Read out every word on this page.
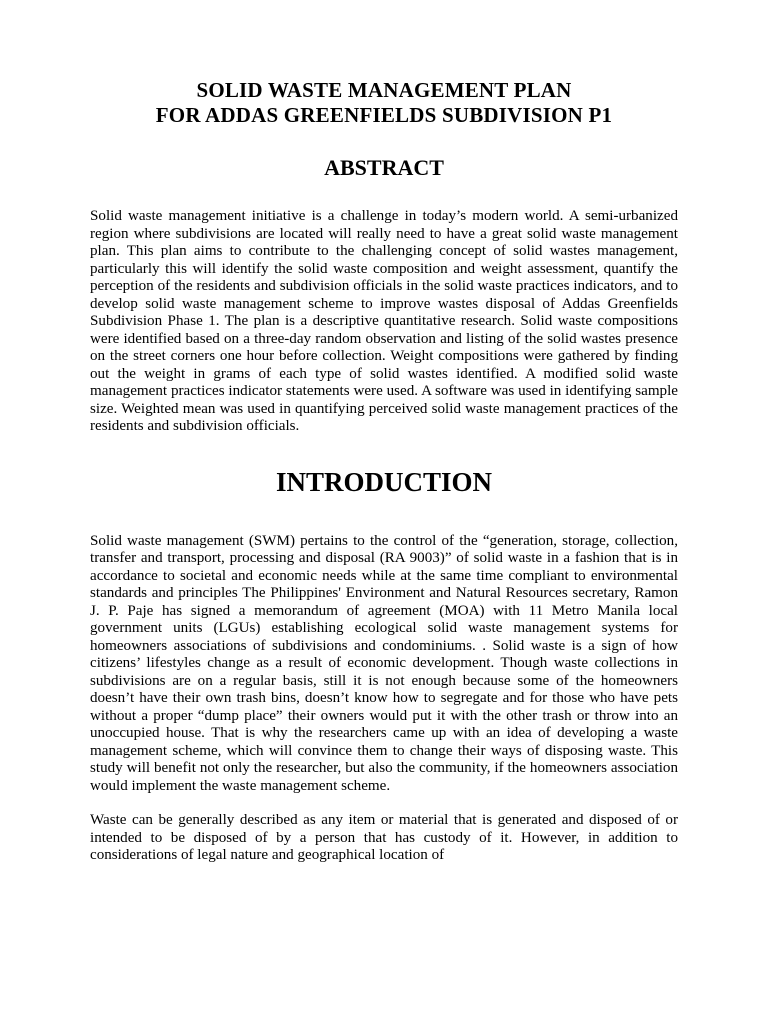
SOLID WASTE MANAGEMENT PLAN

FOR ADDAS GREENFIELDS SUBDIVISION P1

ABSTRACT

Solid waste management initiative is a challenge in today’s modern world. A semi-urbanized region where subdivisions are located will really need to have a great solid waste management plan. This plan aims to contribute to the challenging concept of solid wastes management, particularly this will identify the solid waste composition and weight assessment, quantify the perception of the residents and subdivision officials in the solid waste practices indicators, and to develop solid waste management scheme to improve wastes disposal of Addas Greenfields Subdivision Phase 1. The plan is a descriptive quantitative research. Solid waste compositions were identified based on a three-day random observation and listing of the solid wastes presence on the street corners one hour before collection. Weight compositions were gathered by finding out the weight in grams of each type of solid wastes identified. A modified solid waste management practices indicator statements were used. A software was used in identifying sample size. Weighted mean was used in quantifying perceived solid waste management practices of the residents and subdivision officials.

INTRODUCTION

Solid waste management (SWM) pertains to the control of the “generation, storage, collection, transfer and transport, processing and disposal (RA 9003)” of solid waste in a fashion that is in accordance to societal and economic needs while at the same time compliant to environmental standards and principles The Philippines' Environment and Natural Resources secretary, Ramon J. P. Paje has signed a memorandum of agreement (MOA) with 11 Metro Manila local government units (LGUs) establishing ecological solid waste management systems for homeowners associations of subdivisions and condominiums. . Solid waste is a sign of how citizens’ lifestyles change as a result of economic development. Though waste collections in subdivisions are on a regular basis, still it is not enough because some of the homeowners doesn’t have their own trash bins, doesn’t know how to segregate and for those who have pets without a proper “dump place” their owners would put it with the other trash or throw into an unoccupied house. That is why the researchers came up with an idea of developing a waste management scheme, which will convince them to change their ways of disposing waste. This study will benefit not only the researcher, but also the community, if the homeowners association would implement the waste management scheme.

Waste can be generally described as any item or material that is generated and disposed of or intended to be disposed of by a person that has custody of it. However, in addition to considerations of legal nature and geographical location of
